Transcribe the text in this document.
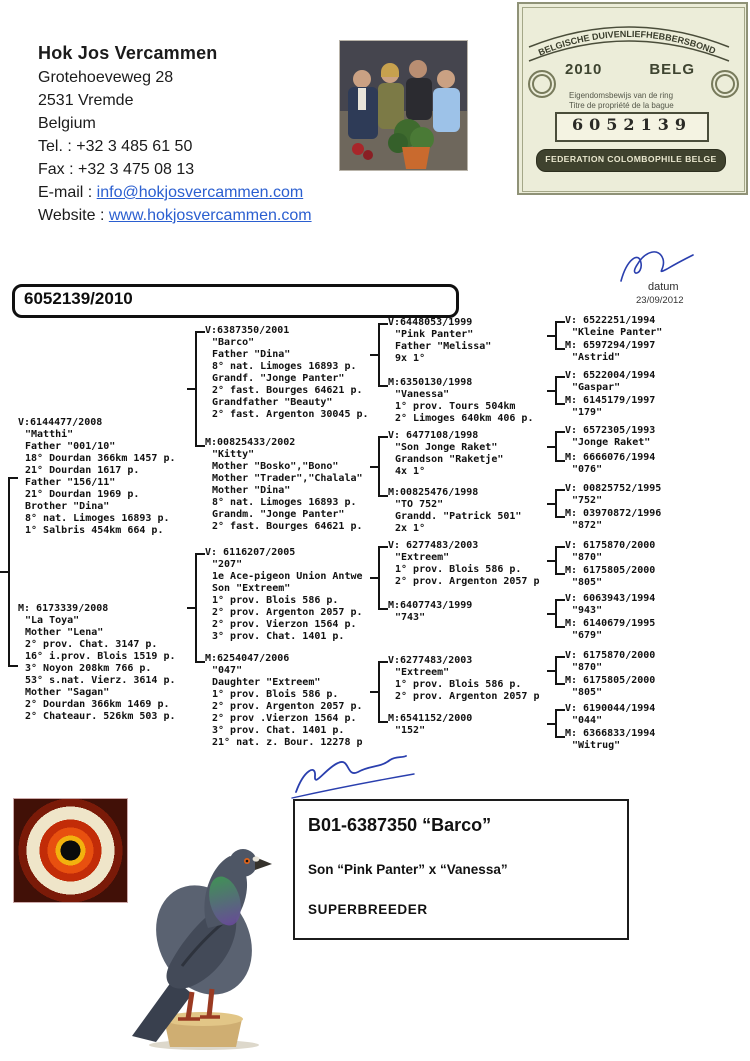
Hok Jos Vercammen
Grotehoeveweg 28
2531 Vremde
Belgium
Tel. : +32 3 485 61 50
Fax : +32 3 475 08 13
E-mail : info@hokjosvercammen.com
Website : www.hokjosvercammen.com
BELGISCHE DUIVENLIEFHEBBERSBOND
2010	BELG
Eigendomsbewijs van de ring
Titre de propriété de la bague
6052139
FEDERATION COLOMBOPHILE BELGE
6052139/2010
datum
23/09/2012
V:6144477/2008
"Matthi"
Father "001/10"
18° Dourdan 366km 1457 p.
21° Dourdan 1617 p.
Father "156/11"
21° Dourdan 1969 p.
Brother "Dina"
8° nat. Limoges 16893 p.
1° Salbris 454km 664 p.
M: 6173339/2008
"La Toya"
Mother "Lena"
2° prov. Chat. 3147 p.
16° i.prov. Blois 1519 p.
3° Noyon 208km 766 p.
53° s.nat. Vierz. 3614 p.
Mother "Sagan"
2° Dourdan 366km 1469 p.
2° Chateaur. 526km 503 p.
V:6387350/2001
"Barco"
Father "Dina"
8° nat. Limoges 16893 p.
Grandf. "Jonge Panter"
2° fast. Bourges 64621 p.
Grandfather "Beauty"
2° fast. Argenton 30045 p.
M:00825433/2002
"Kitty"
Mother "Bosko","Bono"
Mother "Trader","Chalala"
Mother "Dina"
8° nat. Limoges 16893 p.
Grandm. "Jonge Panter"
2° fast. Bourges 64621 p.
V: 6116207/2005
"207"
1e Ace-pigeon Union Antwe
Son "Extreem"
1° prov. Blois 586 p.
2° prov. Argenton 2057 p.
2° prov. Vierzon 1564 p.
3° prov. Chat. 1401 p.
M:6254047/2006
"047"
Daughter "Extreem"
1° prov. Blois 586 p.
2° prov. Argenton 2057 p.
2° prov .Vierzon 1564 p.
3° prov. Chat. 1401 p.
21° nat. z. Bour. 12278 p
V:6448053/1999
"Pink Panter"
Father "Melissa"
9x 1°
M:6350130/1998
"Vanessa"
1° prov. Tours 504km
2° Limoges 640km 406 p.
V: 6477108/1998
"Son Jonge Raket"
Grandson "Raketje"
4x 1°
M:00825476/1998
"TO 752"
Grandd. "Patrick 501"
2x 1°
V: 6277483/2003
"Extreem"
1° prov. Blois 586 p.
2° prov. Argenton 2057 p
M:6407743/1999
"743"
V:6277483/2003
"Extreem"
1° prov. Blois 586 p.
2° prov. Argenton 2057 p
M:6541152/2000
"152"
V: 6522251/1994
"Kleine Panter"
M: 6597294/1997
"Astrid"
V: 6522004/1994
"Gaspar"
M: 6145179/1997
"179"
V: 6572305/1993
"Jonge Raket"
M: 6666076/1994
"076"
V: 00825752/1995
"752"
M: 03970872/1996
"872"
V: 6175870/2000
"870"
M: 6175805/2000
"805"
V: 6063943/1994
"943"
M: 6140679/1995
"679"
V: 6175870/2000
"870"
M: 6175805/2000
"805"
V: 6190044/1994
"044"
M: 6366833/1994
"Witrug"
B01-6387350 “Barco”
Son “Pink Panter” x “Vanessa”
SUPERBREEDER
